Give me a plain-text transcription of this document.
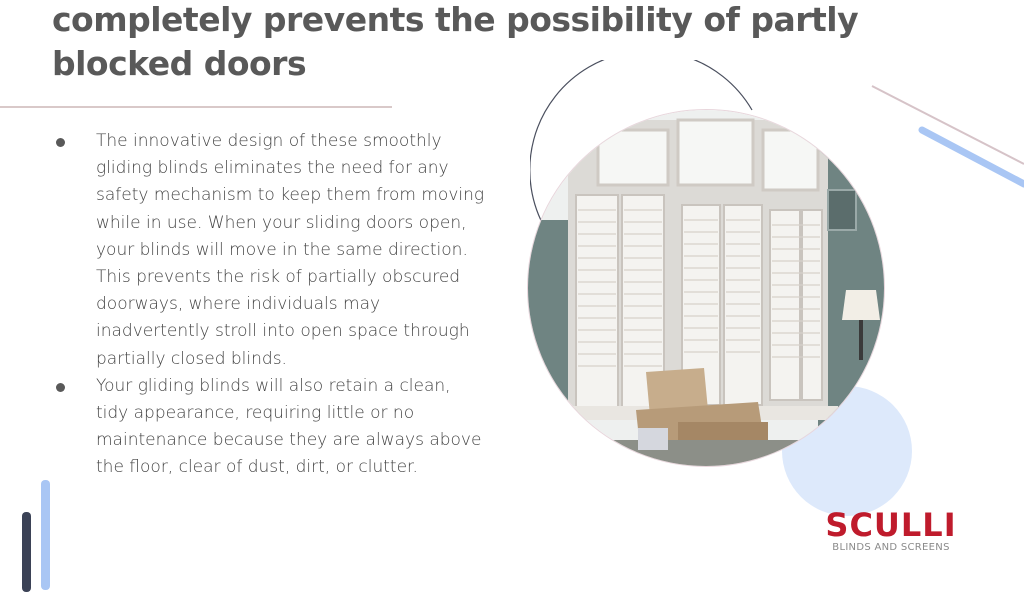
completely prevents the possibility of partly blocked doors
The innovative design of these smoothly gliding blinds eliminates the need for any safety mechanism to keep them from moving while in use. When your sliding doors open, your blinds will move in the same direction. This prevents the risk of partially obscured doorways, where individuals may inadvertently stroll into open space through partially closed blinds.
Your gliding blinds will also retain a clean, tidy appearance, requiring little or no maintenance because they are always above the floor, clear of dust, dirt, or clutter.
SCULLI
BLINDS AND SCREENS
